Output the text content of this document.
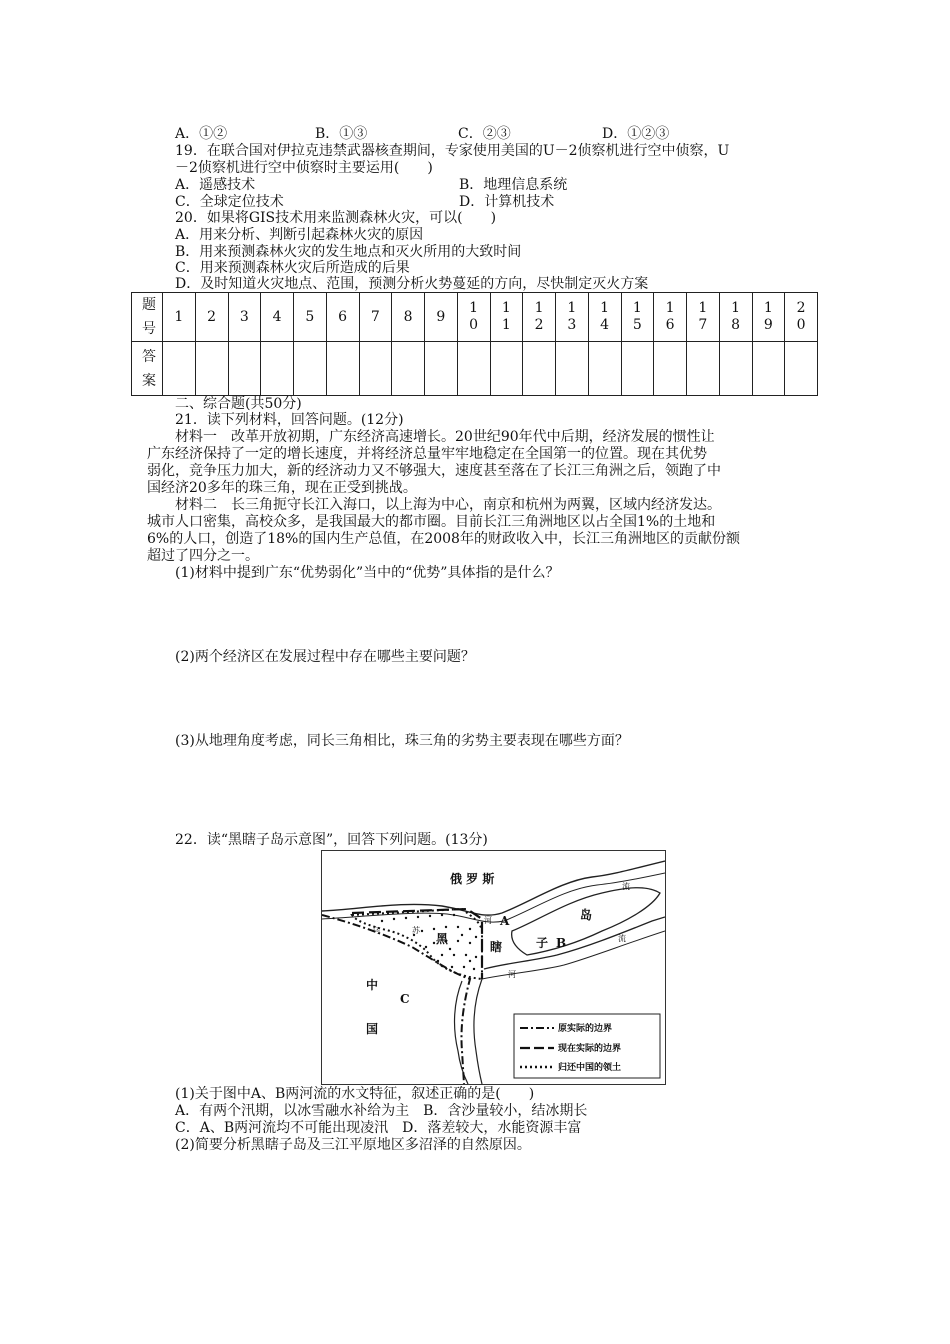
A．①②	B．①③	C．②③	D．①②③
19．在联合国对伊拉克违禁武器核查期间，专家使用美国的U－2侦察机进行空中侦察，U
－2侦察机进行空中侦察时主要运用(　　)
A．遥感技术	B．地理信息系统
C．全球定位技术	D．计算机技术
20．如果将GIS技术用来监测森林火灾，可以(　　)
A．用来分析、判断引起森林火灾的原因
B．用来预测森林火灾的发生地点和灭火所用的大致时间
C．用来预测森林火灾后所造成的后果
D．及时知道火灾地点、范围，预测分析火势蔓延的方向，尽快制定灭火方案
题号	1	2	3	4	5	6	7	8	9	10	11	12	13	14	15	16	17	18	19	20
答案																				
二、综合题(共50分)
21．读下列材料，回答问题。(12分)
材料一　改革开放初期，广东经济高速增长。20世纪90年代中后期，经济发展的惯性让
广东经济保持了一定的增长速度，并将经济总量牢牢地稳定在全国第一的位置。现在其优势
弱化，竞争压力加大，新的经济动力又不够强大，速度甚至落在了长江三角洲之后，领跑了中
国经济20多年的珠三角，现在正受到挑战。
材料二　长三角扼守长江入海口，以上海为中心，南京和杭州为两翼，区域内经济发达。
城市人口密集，高校众多，是我国最大的都市圈。目前长江三角洲地区以占全国1%的土地和
6%的人口，创造了18%的国内生产总值，在2008年的财政收入中，长江三角洲地区的贡献份额
超过了四分之一。
(1)材料中提到广东“优势弱化”当中的“优势”具体指的是什么？
(2)两个经济区在发展过程中存在哪些主要问题？
(3)从地理角度考虑，同长三角相比，珠三角的劣势主要表现在哪些方面？
22．读“黑瞎子岛示意图”，回答下列问题。(13分)
俄 罗 斯
岛
黑
瞎	子
A
B
C
中
国
河
河
流
流
乌	苏
原实际的边界
现在实际的边界
归还中国的领土
(1)关于图中A、B两河流的水文特征，叙述正确的是(　　)
A．有两个汛期，以冰雪融水补给为主　B．含沙量较小，结冰期长
C．A、B两河流均不可能出现凌汛　D．落差较大，水能资源丰富
(2)简要分析黑瞎子岛及三江平原地区多沼泽的自然原因。
